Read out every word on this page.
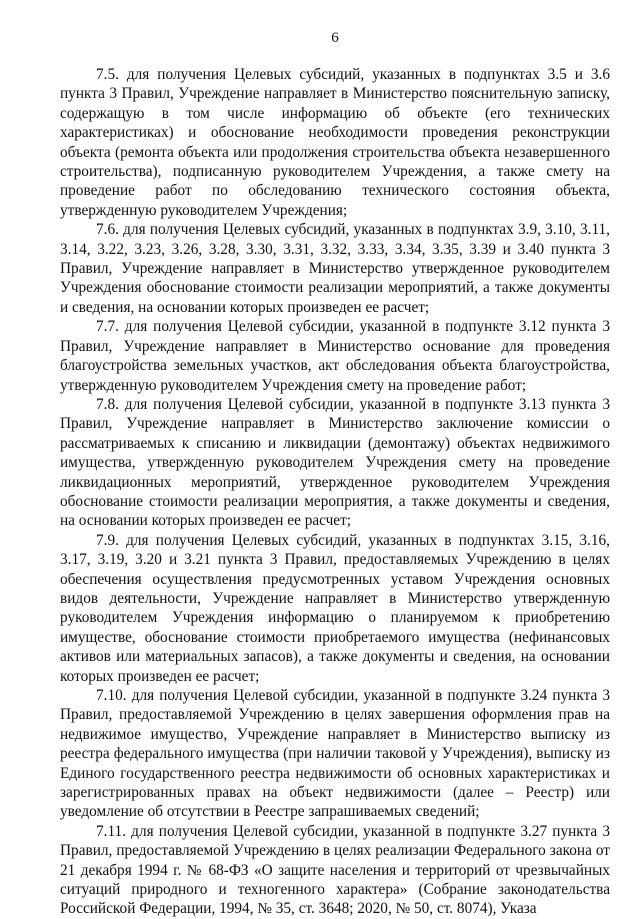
6

7.5. для получения Целевых субсидий, указанных в подпунктах 3.5 и 3.6 пункта 3 Правил, Учреждение направляет в Министерство пояснительную записку, содержащую в том числе информацию об объекте (его технических характеристиках) и обоснование необходимости проведения реконструкции объекта (ремонта объекта или продолжения строительства объекта незавершенного строительства), подписанную руководителем Учреждения, а также смету на проведение работ по обследованию технического состояния объекта, утвержденную руководителем Учреждения;

7.6. для получения Целевых субсидий, указанных в подпунктах 3.9, 3.10, 3.11, 3.14, 3.22, 3.23, 3.26, 3.28, 3.30, 3.31, 3.32, 3.33, 3.34, 3.35, 3.39 и 3.40 пункта 3 Правил, Учреждение направляет в Министерство утвержденное руководителем Учреждения обоснование стоимости реализации мероприятий, а также документы и сведения, на основании которых произведен ее расчет;

7.7. для получения Целевой субсидии, указанной в подпункте 3.12 пункта 3 Правил, Учреждение направляет в Министерство основание для проведения благоустройства земельных участков, акт обследования объекта благоустройства, утвержденную руководителем Учреждения смету на проведение работ;

7.8. для получения Целевой субсидии, указанной в подпункте 3.13 пункта 3 Правил, Учреждение направляет в Министерство заключение комиссии о рассматриваемых к списанию и ликвидации (демонтажу) объектах недвижимого имущества, утвержденную руководителем Учреждения смету на проведение ликвидационных мероприятий, утвержденное руководителем Учреждения обоснование стоимости реализации мероприятия, а также документы и сведения, на основании которых произведен ее расчет;

7.9. для получения Целевых субсидий, указанных в подпунктах 3.15, 3.16, 3.17, 3.19, 3.20 и 3.21 пункта 3 Правил, предоставляемых Учреждению в целях обеспечения осуществления предусмотренных уставом Учреждения основных видов деятельности, Учреждение направляет в Министерство утвержденную руководителем Учреждения информацию о планируемом к приобретению имуществе, обоснование стоимости приобретаемого имущества (нефинансовых активов или материальных запасов), а также документы и сведения, на основании которых произведен ее расчет;

7.10. для получения Целевой субсидии, указанной в подпункте 3.24 пункта 3 Правил, предоставляемой Учреждению в целях завершения оформления прав на недвижимое имущество, Учреждение направляет в Министерство выписку из реестра федерального имущества (при наличии таковой у Учреждения), выписку из Единого государственного реестра недвижимости об основных характеристиках и зарегистрированных правах на объект недвижимости (далее – Реестр) или уведомление об отсутствии в Реестре запрашиваемых сведений;

7.11. для получения Целевой субсидии, указанной в подпункте 3.27 пункта 3 Правил, предоставляемой Учреждению в целях реализации Федерального закона от 21 декабря 1994 г. № 68-ФЗ «О защите населения и территорий от чрезвычайных ситуаций природного и техногенного характера» (Собрание законодательства Российской Федерации, 1994, № 35, ст. 3648; 2020, № 50, ст. 8074), Указа
